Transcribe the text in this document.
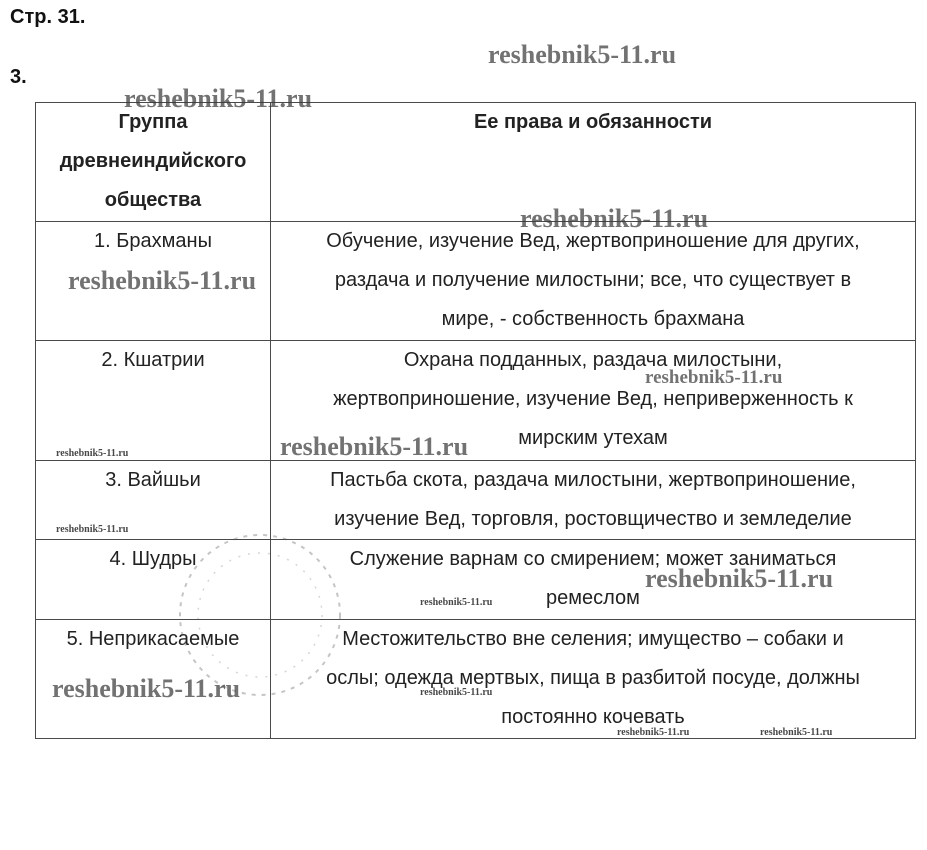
Стр. 31.
3.
Группа
древнеиндийского
общества	Ее права и обязанности

1. Брахманы	Обучение, изучение Вед, жертвоприношение для других,
раздача и получение милостыни; все, что существует в
мире, - собственность брахмана

2. Кшатрии	Охрана подданных, раздача милостыни,
жертвоприношение, изучение Вед, неприверженность к
мирским утехам

3. Вайшьи	Пастьба скота, раздача милостыни, жертвоприношение,
изучение Вед, торговля, ростовщичество и земледелие

4. Шудры	Служение варнам со смирением; может заниматься
ремеслом

5. Неприкасаемые	Местожительство вне селения; имущество – собаки и
ослы; одежда мертвых, пища в разбитой посуде, должны
постоянно кочевать
reshebnik5-11.ru
reshebnik5-11.ru
reshebnik5-11.ru
reshebnik5-11.ru
reshebnik5-11.ru
reshebnik5-11.ru
reshebnik5-11.ru
reshebnik5-11.ru
reshebnik5-11.ru
reshebnik5-11.ru
reshebnik5-11.ru	reshebnik5-11.ru
reshebnik5-11.ru	reshebnik5-11.ru
